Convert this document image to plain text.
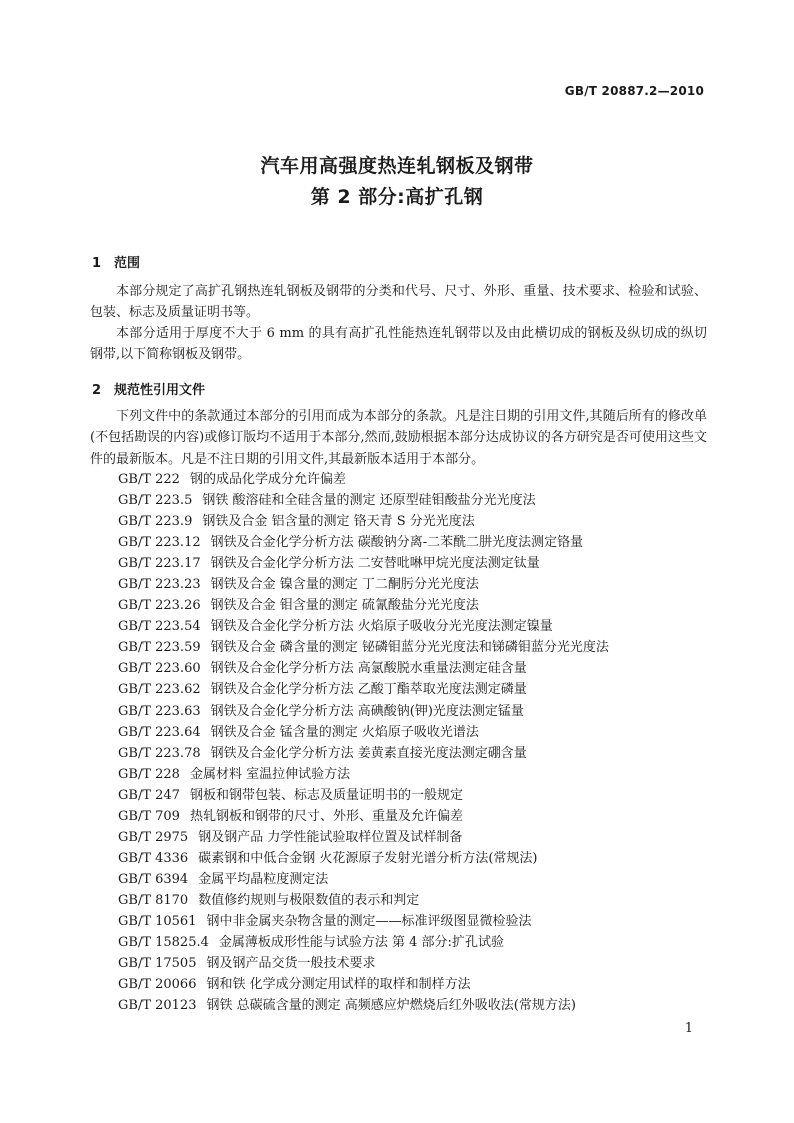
GB/T 20887.2—2010
汽车用高强度热连轧钢板及钢带
第 2 部分:高扩孔钢
1 范围

本部分规定了高扩孔钢热连轧钢板及钢带的分类和代号、尺寸、外形、重量、技术要求、检验和试验、包装、标志及质量证明书等。

本部分适用于厚度不大于 6 mm 的具有高扩孔性能热连轧钢带以及由此横切成的钢板及纵切成的纵切钢带,以下简称钢板及钢带。

2 规范性引用文件

下列文件中的条款通过本部分的引用而成为本部分的条款。凡是注日期的引用文件,其随后所有的修改单(不包括勘误的内容)或修订版均不适用于本部分,然而,鼓励根据本部分达成协议的各方研究是否可使用这些文件的最新版本。凡是不注日期的引用文件,其最新版本适用于本部分。

GB/T 222 钢的成品化学成分允许偏差
GB/T 223.5 钢铁 酸溶硅和全硅含量的测定 还原型硅钼酸盐分光光度法
GB/T 223.9 钢铁及合金 铝含量的测定 铬天青 S 分光光度法
GB/T 223.12 钢铁及合金化学分析方法 碳酸钠分离-二苯酰二肼光度法测定铬量
GB/T 223.17 钢铁及合金化学分析方法 二安替吡啉甲烷光度法测定钛量
GB/T 223.23 钢铁及合金 镍含量的测定 丁二酮肟分光光度法
GB/T 223.26 钢铁及合金 钼含量的测定 硫氰酸盐分光光度法
GB/T 223.54 钢铁及合金化学分析方法 火焰原子吸收分光光度法测定镍量
GB/T 223.59 钢铁及合金 磷含量的测定 铋磷钼蓝分光光度法和锑磷钼蓝分光光度法
GB/T 223.60 钢铁及合金化学分析方法 高氯酸脱水重量法测定硅含量
GB/T 223.62 钢铁及合金化学分析方法 乙酸丁酯萃取光度法测定磷量
GB/T 223.63 钢铁及合金化学分析方法 高碘酸钠(钾)光度法测定锰量
GB/T 223.64 钢铁及合金 锰含量的测定 火焰原子吸收光谱法
GB/T 223.78 钢铁及合金化学分析方法 姜黄素直接光度法测定硼含量
GB/T 228 金属材料 室温拉伸试验方法
GB/T 247 钢板和钢带包装、标志及质量证明书的一般规定
GB/T 709 热轧钢板和钢带的尺寸、外形、重量及允许偏差
GB/T 2975 钢及钢产品 力学性能试验取样位置及试样制备
GB/T 4336 碳素钢和中低合金钢 火花源原子发射光谱分析方法(常规法)
GB/T 6394 金属平均晶粒度测定法
GB/T 8170 数值修约规则与极限数值的表示和判定
GB/T 10561 钢中非金属夹杂物含量的测定——标准评级图显微检验法
GB/T 15825.4 金属薄板成形性能与试验方法 第 4 部分:扩孔试验
GB/T 17505 钢及钢产品交货一般技术要求
GB/T 20066 钢和铁 化学成分测定用试样的取样和制样方法
GB/T 20123 钢铁 总碳硫含量的测定 高频感应炉燃烧后红外吸收法(常规方法)
1
